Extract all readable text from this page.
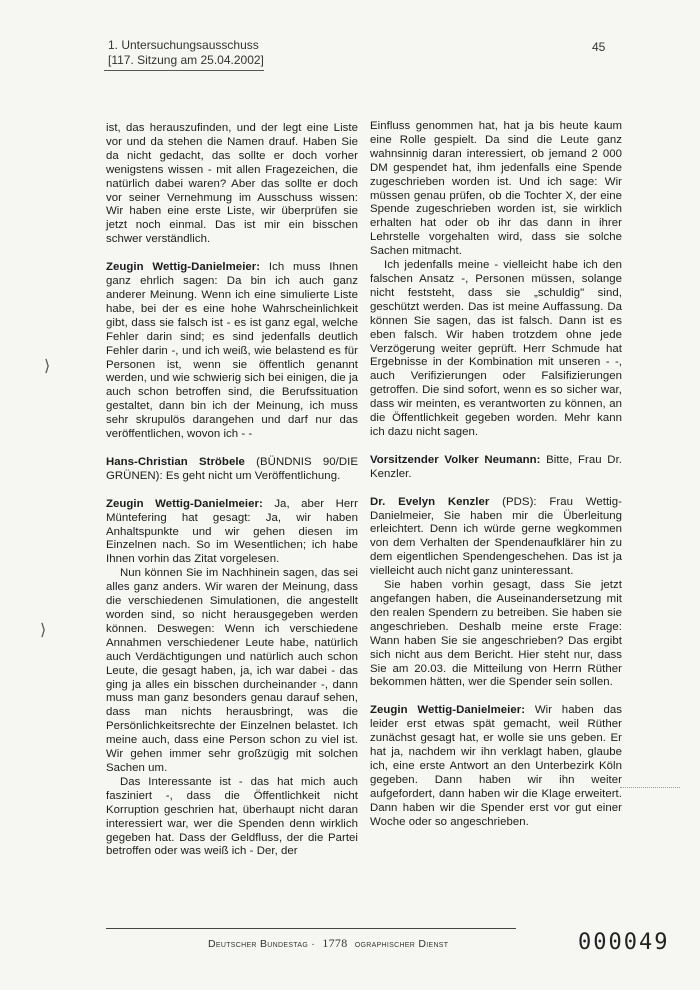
1. Untersuchungsausschuss
[117. Sitzung am 25.04.2002]
45

ist, das herauszufinden, und der legt eine Liste vor und da stehen die Namen drauf. Haben Sie da nicht gedacht, das sollte er doch vorher wenigstens wissen - mit allen Fragezeichen, die natürlich dabei waren? Aber das sollte er doch vor seiner Vernehmung im Ausschuss wissen: Wir haben eine erste Liste, wir überprüfen sie jetzt noch einmal. Das ist mir ein bisschen schwer verständlich.

Zeugin Wettig-Danielmeier: Ich muss Ihnen ganz ehrlich sagen: Da bin ich auch ganz anderer Meinung. Wenn ich eine simulierte Liste habe, bei der es eine hohe Wahrscheinlichkeit gibt, dass sie falsch ist - es ist ganz egal, welche Fehler darin sind; es sind jedenfalls deutlich Fehler darin -, und ich weiß, wie belastend es für Personen ist, wenn sie öffentlich genannt werden, und wie schwierig sich bei einigen, die ja auch schon betroffen sind, die Berufssituation gestaltet, dann bin ich der Meinung, ich muss sehr skrupulös darangehen und darf nur das veröffentlichen, wovon ich - -

Hans-Christian Ströbele (BÜNDNIS 90/DIE GRÜNEN): Es geht nicht um Veröffentlichung.

Zeugin Wettig-Danielmeier: Ja, aber Herr Müntefering hat gesagt: Ja, wir haben Anhaltspunkte und wir gehen diesen im Einzelnen nach. So im Wesentlichen; ich habe Ihnen vorhin das Zitat vorgelesen.

Nun können Sie im Nachhinein sagen, das sei alles ganz anders. Wir waren der Meinung, dass die verschiedenen Simulationen, die angestellt worden sind, so nicht herausgegeben werden können. Deswegen: Wenn ich verschiedene Annahmen verschiedener Leute habe, natürlich auch Verdächtigungen und natürlich auch schon Leute, die gesagt haben, ja, ich war dabei - das ging ja alles ein bisschen durcheinander -, dann muss man ganz besonders genau darauf sehen, dass man nichts herausbringt, was die Persönlichkeitsrechte der Einzelnen belastet. Ich meine auch, dass eine Person schon zu viel ist. Wir gehen immer sehr großzügig mit solchen Sachen um.

Das Interessante ist - das hat mich auch fasziniert -, dass die Öffentlichkeit nicht Korruption geschrien hat, überhaupt nicht daran interessiert war, wer die Spenden denn wirklich gegeben hat. Dass der Geldfluss, der die Partei betroffen oder was weiß ich - Der, der

Einfluss genommen hat, hat ja bis heute kaum eine Rolle gespielt. Da sind die Leute ganz wahnsinnig daran interessiert, ob jemand 2 000 DM gespendet hat, ihm jedenfalls eine Spende zugeschrieben worden ist. Und ich sage: Wir müssen genau prüfen, ob die Tochter X, der eine Spende zugeschrieben worden ist, sie wirklich erhalten hat oder ob ihr das dann in ihrer Lehrstelle vorgehalten wird, dass sie solche Sachen mitmacht.

Ich jedenfalls meine - vielleicht habe ich den falschen Ansatz -, Personen müssen, solange nicht feststeht, dass sie „schuldig" sind, geschützt werden. Das ist meine Auffassung. Da können Sie sagen, das ist falsch. Dann ist es eben falsch. Wir haben trotzdem ohne jede Verzögerung weiter geprüft. Herr Schmude hat Ergebnisse in der Kombination mit unseren - -, auch Verifizierungen oder Falsifizierungen getroffen. Die sind sofort, wenn es so sicher war, dass wir meinten, es verantworten zu können, an die Öffentlichkeit gegeben worden. Mehr kann ich dazu nicht sagen.

Vorsitzender Volker Neumann: Bitte, Frau Dr. Kenzler.

Dr. Evelyn Kenzler (PDS): Frau Wettig-Danielmeier, Sie haben mir die Überleitung erleichtert. Denn ich würde gerne wegkommen von dem Verhalten der Spendenaufklärer hin zu dem eigentlichen Spendengeschehen. Das ist ja vielleicht auch nicht ganz uninteressant.

Sie haben vorhin gesagt, dass Sie jetzt angefangen haben, die Auseinandersetzung mit den realen Spendern zu betreiben. Sie haben sie angeschrieben. Deshalb meine erste Frage: Wann haben Sie sie angeschrieben? Das ergibt sich nicht aus dem Bericht. Hier steht nur, dass Sie am 20.03. die Mitteilung von Herrn Rüther bekommen hätten, wer die Spender sein sollen.

Zeugin Wettig-Danielmeier: Wir haben das leider erst etwas spät gemacht, weil Rüther zunächst gesagt hat, er wolle sie uns geben. Er hat ja, nachdem wir ihn verklagt haben, glaube ich, eine erste Antwort an den Unterbezirk Köln gegeben. Dann haben wir ihn weiter aufgefordert, dann haben wir die Klage erweitert. Dann haben wir die Spender erst vor gut einer Woche oder so angeschrieben.

⟩
⟩
Deutscher Bundestag · 1778 ographischer Dienst	000049
